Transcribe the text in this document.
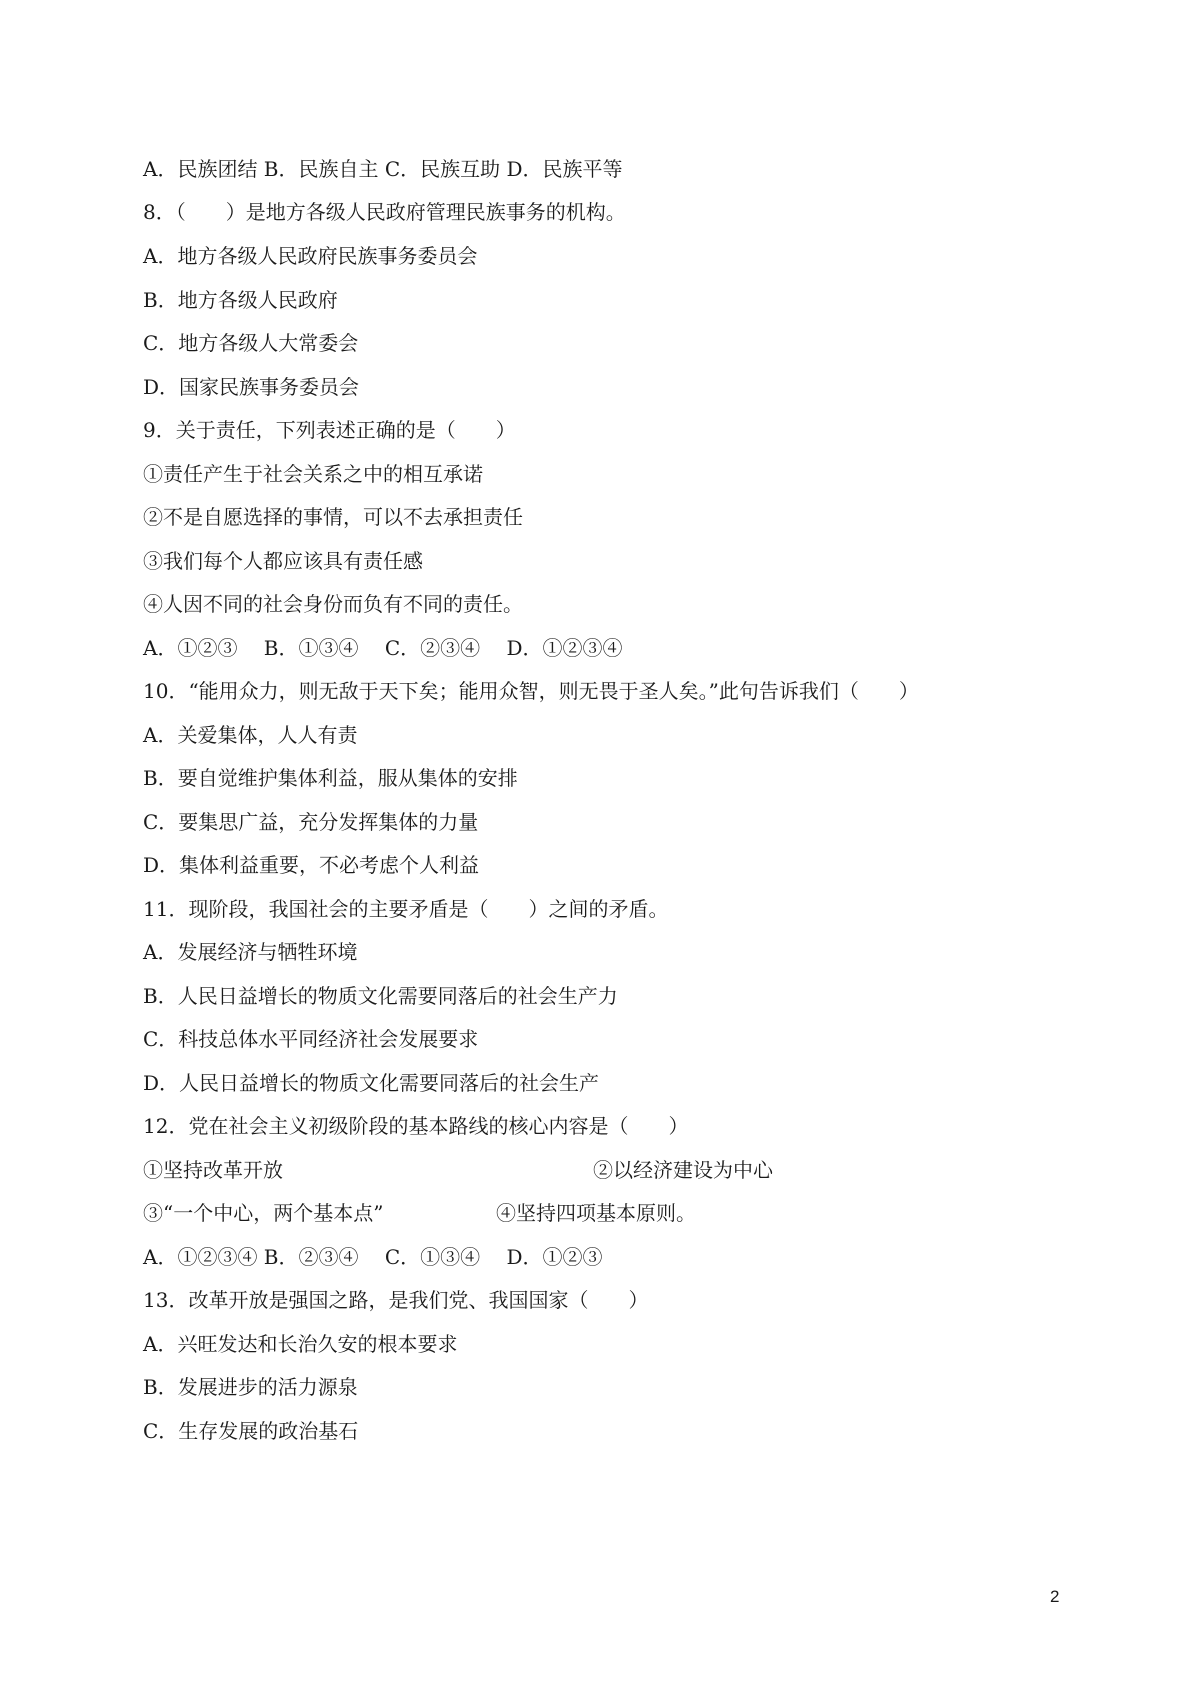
A．民族团结 B．民族自主 C．民族互助 D．民族平等
8．（　　）是地方各级人民政府管理民族事务的机构。
A．地方各级人民政府民族事务委员会
B．地方各级人民政府
C．地方各级人大常委会
D．国家民族事务委员会
9．关于责任，下列表述正确的是（　　）
①责任产生于社会关系之中的相互承诺
②不是自愿选择的事情，可以不去承担责任
③我们每个人都应该具有责任感
④人因不同的社会身份而负有不同的责任。
A．①②③　 B．①③④　 C．②③④　 D．①②③④
10．“能用众力，则无敌于天下矣；能用众智，则无畏于圣人矣。”此句告诉我们（　　）
A．关爱集体，人人有责
B．要自觉维护集体利益，服从集体的安排
C．要集思广益，充分发挥集体的力量
D．集体利益重要，不必考虑个人利益
11．现阶段，我国社会的主要矛盾是（　　）之间的矛盾。
A．发展经济与牺牲环境
B．人民日益增长的物质文化需要同落后的社会生产力
C．科技总体水平同经济社会发展要求
D．人民日益增长的物质文化需要同落后的社会生产
12．党在社会主义初级阶段的基本路线的核心内容是（　　）
①坚持改革开放	②以经济建设为中心
③“一个中心，两个基本点”	④坚持四项基本原则。
A．①②③④ B．②③④　 C．①③④　 D．①②③
13．改革开放是强国之路，是我们党、我国国家（　　）
A．兴旺发达和长治久安的根本要求
B．发展进步的活力源泉
C．生存发展的政治基石
2
